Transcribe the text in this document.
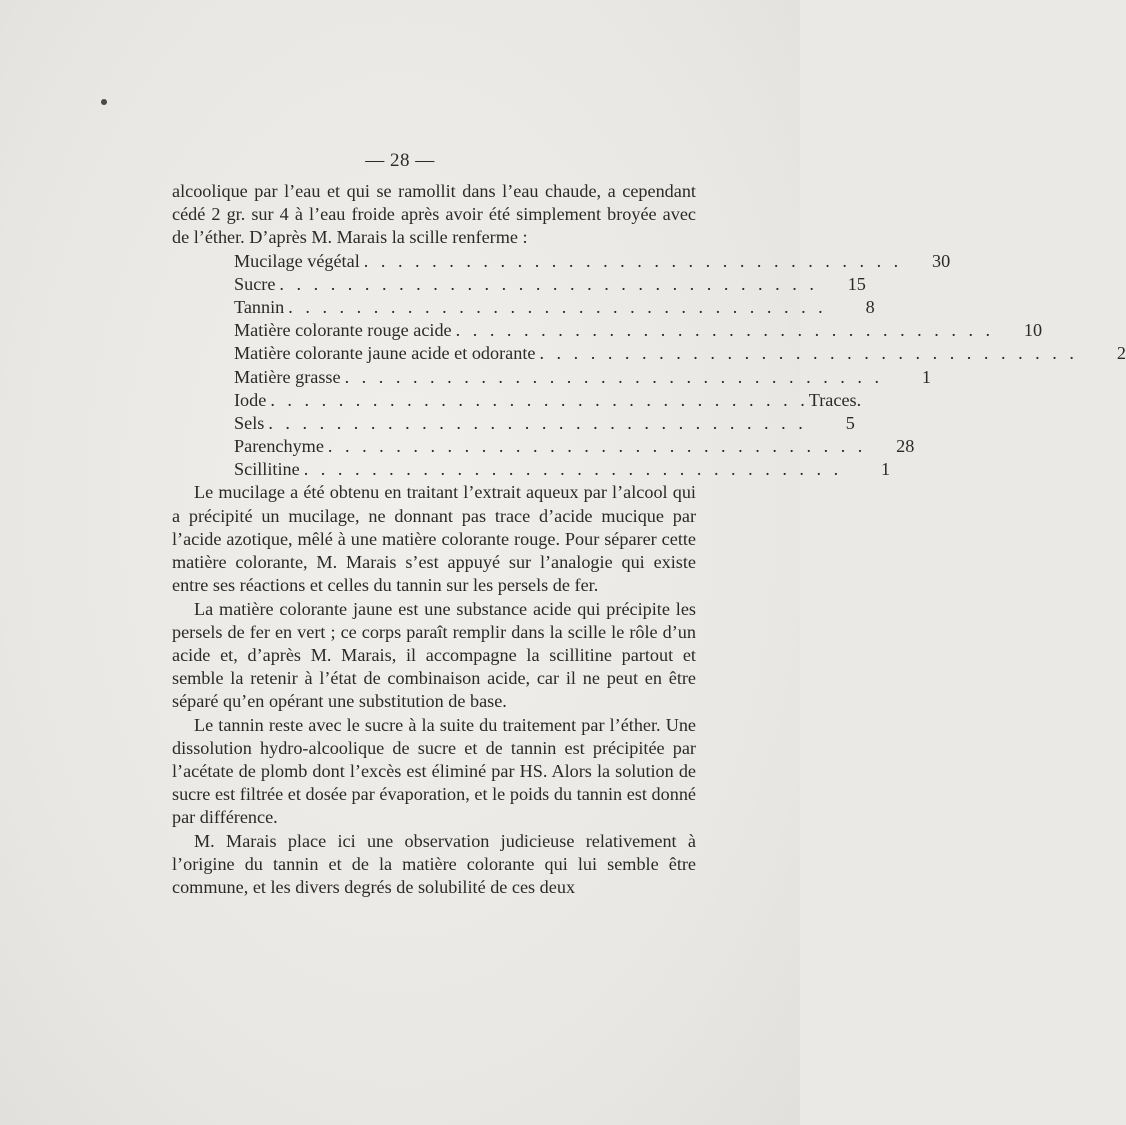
— 28 —

alcoolique par l’eau et qui se ramollit dans l’eau chaude, a cependant cédé 2 gr. sur 4 à l’eau froide après avoir été simplement broyée avec de l’éther. D’après M. Marais la scille renferme :

Mucilage végétal . . . . . . . . . . . . . . . . . . . . . . . . . . . . . . . .	30
Sucre . . . . . . . . . . . . . . . . . . . . . . . . . . . . . . . .	15
Tannin . . . . . . . . . . . . . . . . . . . . . . . . . . . . . . . .	8
Matière colorante rouge acide . . . . . . . . . . . . . . . . . . . . . . . . . . . . . . . .	10
Matière colorante jaune acide et odorante . . . . . . . . . . . . . . . . . . . . . . . . . . . . . . . .	2
Matière grasse . . . . . . . . . . . . . . . . . . . . . . . . . . . . . . . .	1
Iode . . . . . . . . . . . . . . . . . . . . . . . . . . . . . . . . Traces.
Sels . . . . . . . . . . . . . . . . . . . . . . . . . . . . . . . .	5
Parenchyme . . . . . . . . . . . . . . . . . . . . . . . . . . . . . . . .	28
Scillitine . . . . . . . . . . . . . . . . . . . . . . . . . . . . . . . .	1

Le mucilage a été obtenu en traitant l’extrait aqueux par l’alcool qui a précipité un mucilage, ne donnant pas trace d’acide mucique par l’acide azotique, mêlé à une matière colorante rouge. Pour séparer cette matière colorante, M. Marais s’est appuyé sur l’analogie qui existe entre ses réactions et celles du tannin sur les persels de fer.

La matière colorante jaune est une substance acide qui précipite les persels de fer en vert ; ce corps paraît remplir dans la scille le rôle d’un acide et, d’après M. Marais, il accompagne la scillitine partout et semble la retenir à l’état de combinaison acide, car il ne peut en être séparé qu’en opérant une substitution de base.

Le tannin reste avec le sucre à la suite du traitement par l’éther. Une dissolution hydro-alcoolique de sucre et de tannin est précipitée par l’acétate de plomb dont l’excès est éliminé par HS. Alors la solution de sucre est filtrée et dosée par évaporation, et le poids du tannin est donné par différence.

M. Marais place ici une observation judicieuse relativement à l’origine du tannin et de la matière colorante qui lui semble être commune, et les divers degrés de solubilité de ces deux
